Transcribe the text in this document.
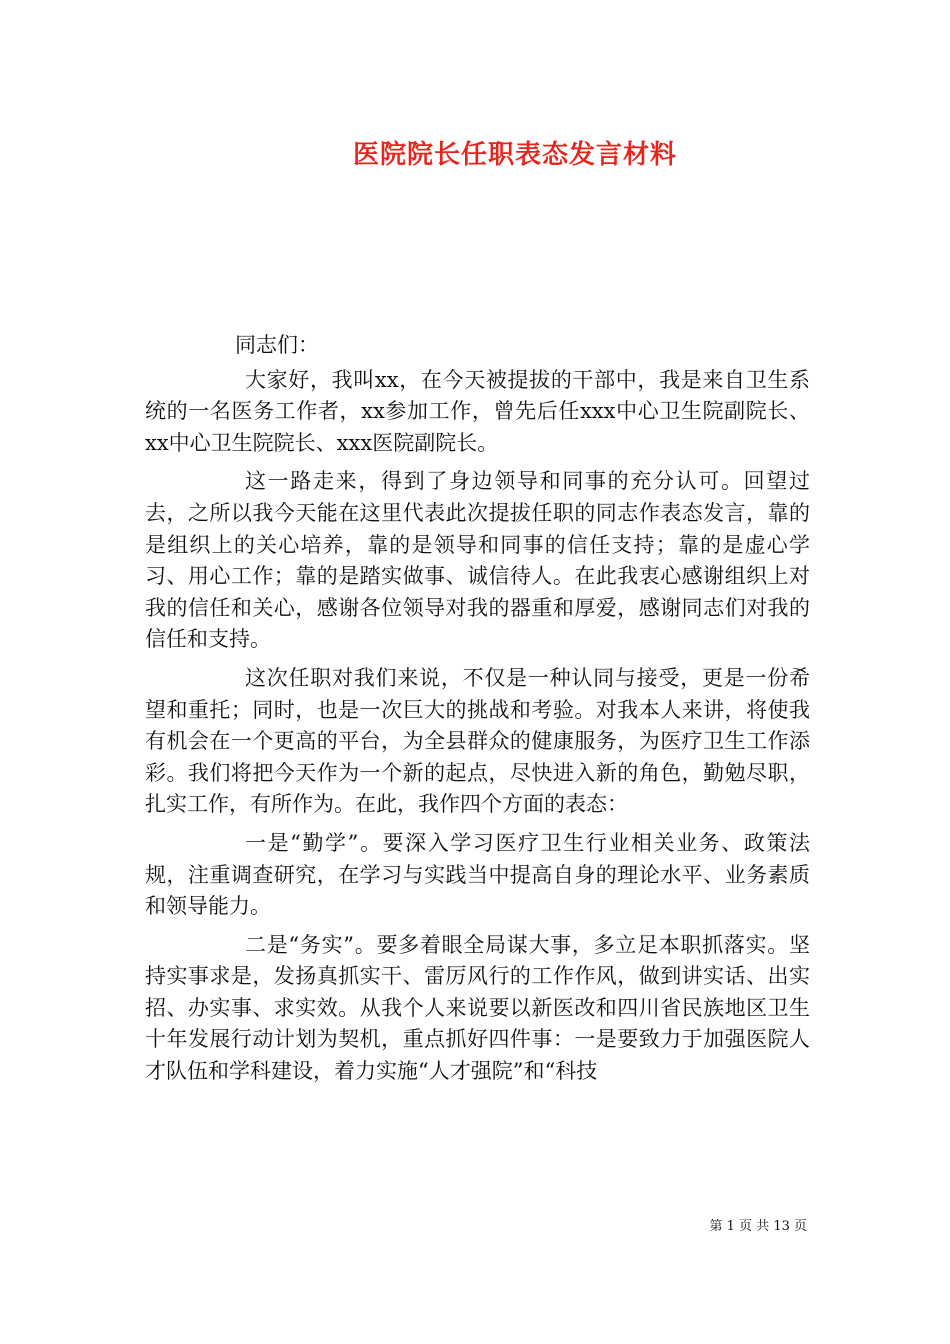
医院院长任职表态发言材料

同志们：

大家好，我叫xx，在今天被提拔的干部中，我是来自卫生系统的一名医务工作者，xx参加工作，曾先后任xxx中心卫生院副院长、xx中心卫生院院长、xxx医院副院长。

这一路走来，得到了身边领导和同事的充分认可。回望过去，之所以我今天能在这里代表此次提拔任职的同志作表态发言，靠的是组织上的关心培养，靠的是领导和同事的信任支持；靠的是虚心学习、用心工作；靠的是踏实做事、诚信待人。在此我衷心感谢组织上对我的信任和关心，感谢各位领导对我的器重和厚爱，感谢同志们对我的信任和支持。

这次任职对我们来说，不仅是一种认同与接受，更是一份希望和重托；同时，也是一次巨大的挑战和考验。对我本人来讲，将使我有机会在一个更高的平台，为全县群众的健康服务，为医疗卫生工作添彩。我们将把今天作为一个新的起点，尽快进入新的角色，勤勉尽职，扎实工作，有所作为。在此，我作四个方面的表态：

一是“勤学”。要深入学习医疗卫生行业相关业务、政策法规，注重调查研究，在学习与实践当中提高自身的理论水平、业务素质和领导能力。

二是“务实”。要多着眼全局谋大事，多立足本职抓落实。坚持实事求是，发扬真抓实干、雷厉风行的工作作风，做到讲实话、出实招、办实事、求实效。从我个人来说要以新医改和四川省民族地区卫生十年发展行动计划为契机，重点抓好四件事：一是要致力于加强医院人才队伍和学科建设，着力实施“人才强院”和“科技

第 1 页 共 13 页
